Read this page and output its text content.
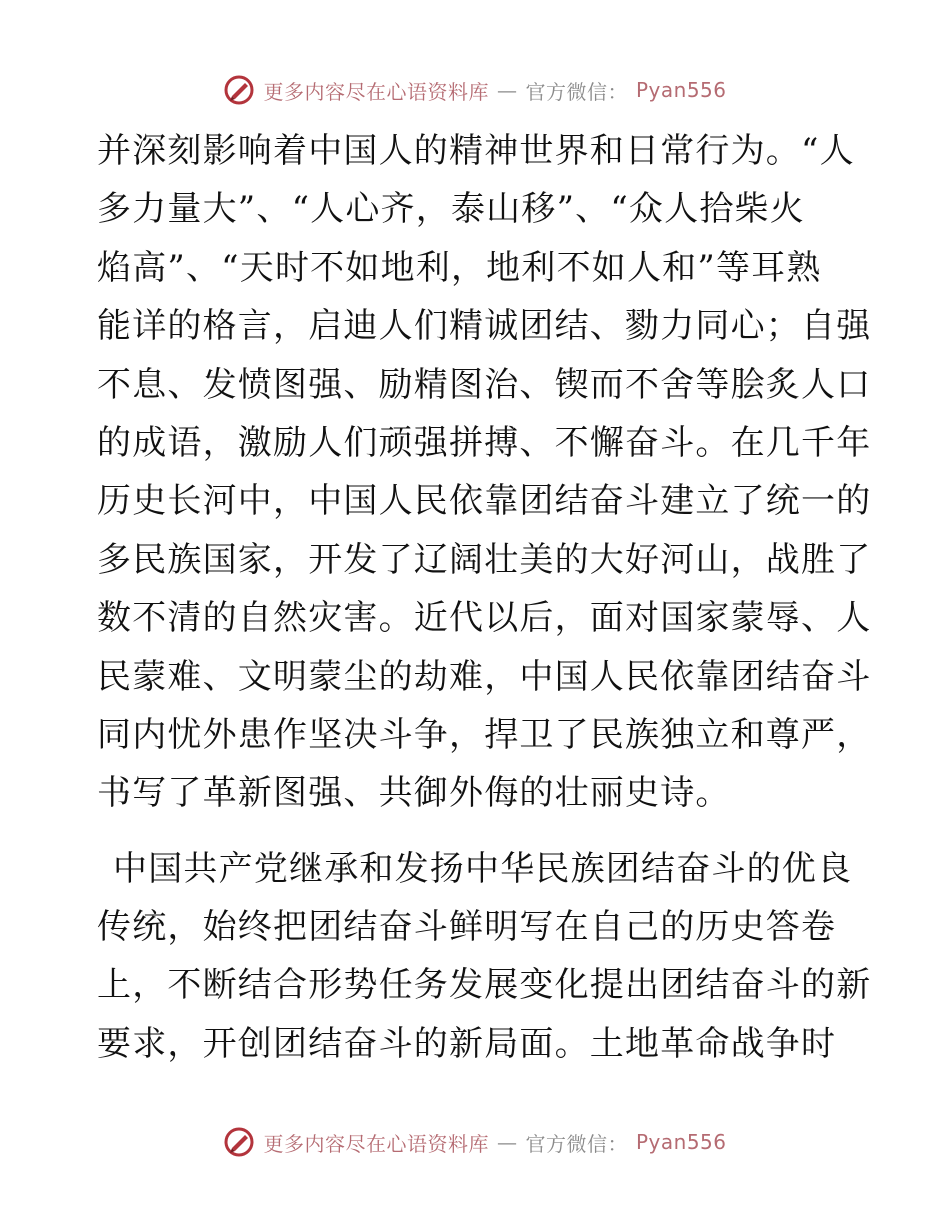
更多内容尽在心语资料库 — 官方微信： Pyan556
并深刻影响着中国人的精神世界和日常行为。“人
多力量大”、“人心齐，泰山移”、“众人拾柴火
焰高”、“天时不如地利，地利不如人和”等耳熟
能详的格言，启迪人们精诚团结、勠力同心；自强
不息、发愤图强、励精图治、锲而不舍等脍炙人口
的成语，激励人们顽强拼搏、不懈奋斗。在几千年
历史长河中，中国人民依靠团结奋斗建立了统一的
多民族国家，开发了辽阔壮美的大好河山，战胜了
数不清的自然灾害。近代以后，面对国家蒙辱、人
民蒙难、文明蒙尘的劫难，中国人民依靠团结奋斗
同内忧外患作坚决斗争，捍卫了民族独立和尊严，
书写了革新图强、共御外侮的壮丽史诗。
中国共产党继承和发扬中华民族团结奋斗的优良
传统，始终把团结奋斗鲜明写在自己的历史答卷
上，不断结合形势任务发展变化提出团结奋斗的新
要求，开创团结奋斗的新局面。土地革命战争时
更多内容尽在心语资料库 — 官方微信： Pyan556
